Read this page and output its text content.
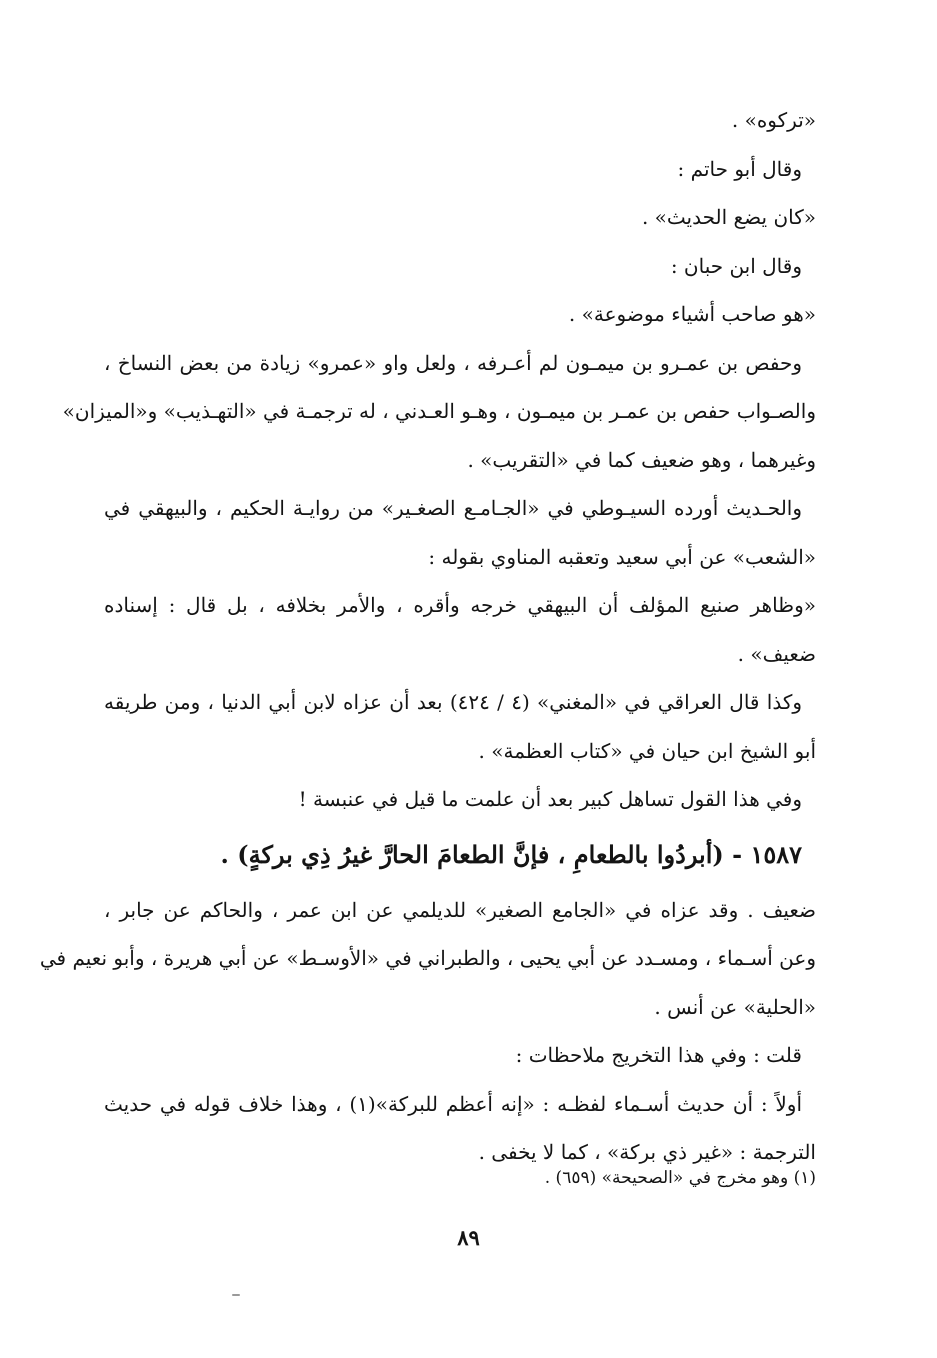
«تركوه» .
وقال أبو حاتم :
«كان يضع الحديث» .
وقال ابن حبان :
«هو صاحب أشياء موضوعة» .
وحفص بن عمـرو بن ميمـون لم أعـرفه ، ولعل واو «عمرو» زيادة من بعض النساخ ،
والصـواب حفص بن عمـر بن ميمـون ، وهـو العـدني ، له ترجمـة في «التهـذيب» و«الميزان»
وغيرهما ، وهو ضعيف كما في «التقريب» .
والحـديث أورده السيـوطي في «الجـامـع الصغـير» من روايـة الحكيم ، والبيهقي في
«الشعب» عن أبي سعيد وتعقبه المناوي بقوله :
«وظاهر صنيع المؤلف أن البيهقي خرجه وأقره ، والأمر بخلافه ، بل قال : إسناده
ضعيف» .
وكذا قال العراقي في «المغني» (٤ / ٤٢٤) بعد أن عزاه لابن أبي الدنيا ، ومن طريقه
أبو الشيخ ابن حيان في «كتاب العظمة» .
وفي هذا القول تساهل كبير بعد أن علمت ما قيل في عنبسة !
١٥٨٧ - (أبردُوا بالطعامِ ، فإنَّ الطعامَ الحارَّ غيرُ ذِي بركةٍ) .
ضعيف . وقد عزاه في «الجامع الصغير» للديلمي عن ابن عمر ، والحاكم عن جابر ،
وعن أسـماء ، ومسـدد عن أبي يحيى ، والطبراني في «الأوسـط» عن أبي هريرة ، وأبو نعيم في
«الحلية» عن أنس .
قلت : وفي هذا التخريج ملاحظات :
أولاً : أن حديث أسـماء لفظـه : «إنه أعظم للبركة»(١) ، وهذا خلاف قوله في حديث
الترجمة : «غير ذي بركة» ، كما لا يخفى .
(١) وهو مخرج في «الصحيحة» (٦٥٩) .
٨٩
